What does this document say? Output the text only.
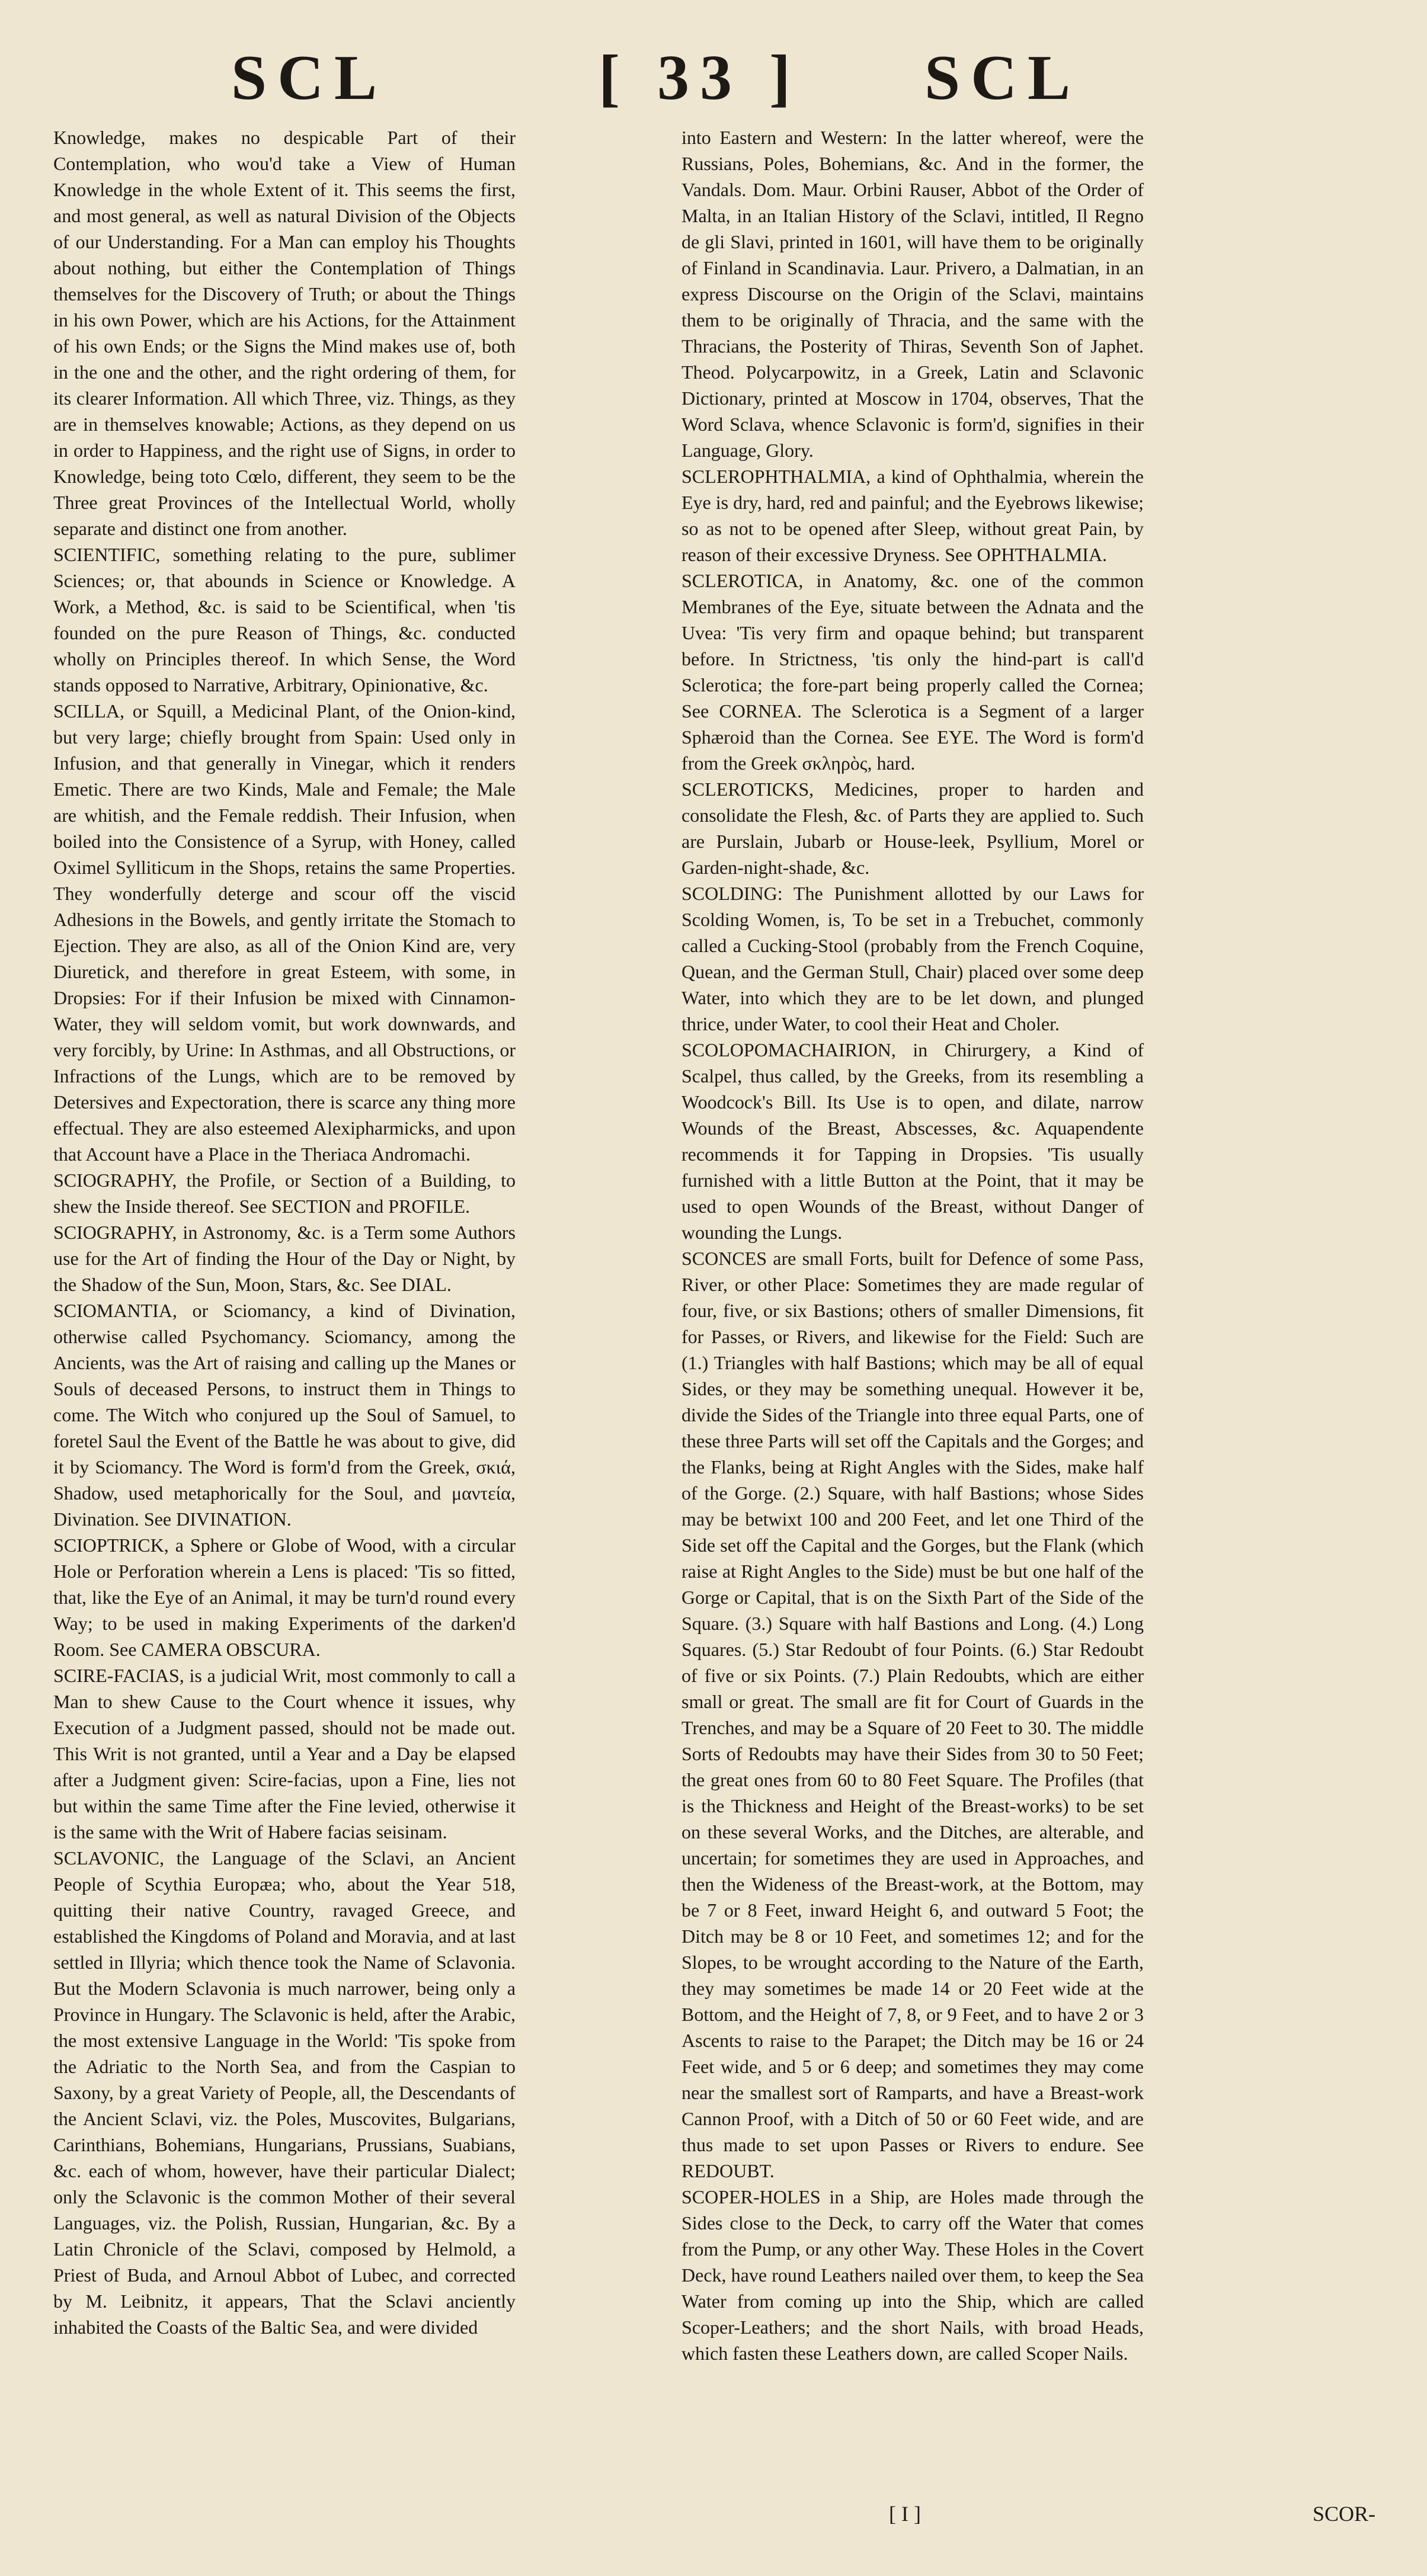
SCL	[ 33 ] SCL

Knowledge, makes no despicable Part of their Contemplation, who wou'd take a View of Human Knowledge in the whole Extent of it. This seems the first, and most general, as well as natural Division of the Objects of our Understanding. For a Man can employ his Thoughts about nothing, but either the Contemplation of Things themselves for the Discovery of Truth; or about the Things in his own Power, which are his Actions, for the Attainment of his own Ends; or the Signs the Mind makes use of, both in the one and the other, and the right ordering of them, for its clearer Information. All which Three, viz. Things, as they are in themselves knowable; Actions, as they depend on us in order to Happiness, and the right use of Signs, in order to Knowledge, being toto Cœlo, different, they seem to be the Three great Provinces of the Intellectual World, wholly separate and distinct one from another.

SCIENTIFIC, something relating to the pure, sublimer Sciences; or, that abounds in Science or Knowledge. A Work, a Method, &c. is said to be Scientifical, when 'tis founded on the pure Reason of Things, &c. conducted wholly on Principles thereof. In which Sense, the Word stands opposed to Narrative, Arbitrary, Opinionative, &c.

SCILLA, or Squill, a Medicinal Plant, of the Onion-kind, but very large; chiefly brought from Spain: Used only in Infusion, and that generally in Vinegar, which it renders Emetic. There are two Kinds, Male and Female; the Male are whitish, and the Female reddish. Their Infusion, when boiled into the Consistence of a Syrup, with Honey, called Oximel Sylliticum in the Shops, retains the same Properties. They wonderfully deterge and scour off the viscid Adhesions in the Bowels, and gently irritate the Stomach to Ejection. They are also, as all of the Onion Kind are, very Diuretick, and therefore in great Esteem, with some, in Dropsies: For if their Infusion be mixed with Cinnamon-Water, they will seldom vomit, but work downwards, and very forcibly, by Urine: In Asthmas, and all Obstructions, or Infractions of the Lungs, which are to be removed by Detersives and Expectoration, there is scarce any thing more effectual. They are also esteemed Alexipharmicks, and upon that Account have a Place in the Theriaca Andromachi.

SCIOGRAPHY, the Profile, or Section of a Building, to shew the Inside thereof. See SECTION and PROFILE.

SCIOGRAPHY, in Astronomy, &c. is a Term some Authors use for the Art of finding the Hour of the Day or Night, by the Shadow of the Sun, Moon, Stars, &c. See DIAL.

SCIOMANTIA, or Sciomancy, a kind of Divination, otherwise called Psychomancy. Sciomancy, among the Ancients, was the Art of raising and calling up the Manes or Souls of deceased Persons, to instruct them in Things to come. The Witch who conjured up the Soul of Samuel, to foretel Saul the Event of the Battle he was about to give, did it by Sciomancy. The Word is form'd from the Greek, σκιά, Shadow, used metaphorically for the Soul, and μαντεία, Divination. See DIVINATION.

SCIOPTRICK, a Sphere or Globe of Wood, with a circular Hole or Perforation wherein a Lens is placed: 'Tis so fitted, that, like the Eye of an Animal, it may be turn'd round every Way; to be used in making Experiments of the darken'd Room. See CAMERA OBSCURA.

SCIRE-FACIAS, is a judicial Writ, most commonly to call a Man to shew Cause to the Court whence it issues, why Execution of a Judgment passed, should not be made out. This Writ is not granted, until a Year and a Day be elapsed after a Judgment given: Scire-facias, upon a Fine, lies not but within the same Time after the Fine levied, otherwise it is the same with the Writ of Habere facias seisinam.

SCLAVONIC, the Language of the Sclavi, an Ancient People of Scythia Europæa; who, about the Year 518, quitting their native Country, ravaged Greece, and established the Kingdoms of Poland and Moravia, and at last settled in Illyria; which thence took the Name of Sclavonia. But the Modern Sclavonia is much narrower, being only a Province in Hungary. The Sclavonic is held, after the Arabic, the most extensive Language in the World: 'Tis spoke from the Adriatic to the North Sea, and from the Caspian to Saxony, by a great Variety of People, all, the Descendants of the Ancient Sclavi, viz. the Poles, Muscovites, Bulgarians, Carinthians, Bohemians, Hungarians, Prussians, Suabians, &c. each of whom, however, have their particular Dialect; only the Sclavonic is the common Mother of their several Languages, viz. the Polish, Russian, Hungarian, &c. By a Latin Chronicle of the Sclavi, composed by Helmold, a Priest of Buda, and Arnoul Abbot of Lubec, and corrected by M. Leibnitz, it appears, That the Sclavi anciently inhabited the Coasts of the Baltic Sea, and were divided

into Eastern and Western: In the latter whereof, were the Russians, Poles, Bohemians, &c. And in the former, the Vandals. Dom. Maur. Orbini Rauser, Abbot of the Order of Malta, in an Italian History of the Sclavi, intitled, Il Regno de gli Slavi, printed in 1601, will have them to be originally of Finland in Scandinavia. Laur. Privero, a Dalmatian, in an express Discourse on the Origin of the Sclavi, maintains them to be originally of Thracia, and the same with the Thracians, the Posterity of Thiras, Seventh Son of Japhet. Theod. Polycarpowitz, in a Greek, Latin and Sclavonic Dictionary, printed at Moscow in 1704, observes, That the Word Sclava, whence Sclavonic is form'd, signifies in their Language, Glory.

SCLEROPHTHALMIA, a kind of Ophthalmia, wherein the Eye is dry, hard, red and painful; and the Eyebrows likewise; so as not to be opened after Sleep, without great Pain, by reason of their excessive Dryness. See OPHTHALMIA.

SCLEROTICA, in Anatomy, &c. one of the common Membranes of the Eye, situate between the Adnata and the Uvea: 'Tis very firm and opaque behind; but transparent before. In Strictness, 'tis only the hind-part is call'd Sclerotica; the fore-part being properly called the Cornea; See CORNEA. The Sclerotica is a Segment of a larger Sphæroid than the Cornea. See EYE. The Word is form'd from the Greek σκληρὸς, hard.

SCLEROTICKS, Medicines, proper to harden and consolidate the Flesh, &c. of Parts they are applied to. Such are Purslain, Jubarb or House-leek, Psyllium, Morel or Garden-night-shade, &c.

SCOLDING: The Punishment allotted by our Laws for Scolding Women, is, To be set in a Trebuchet, commonly called a Cucking-Stool (probably from the French Coquine, Quean, and the German Stull, Chair) placed over some deep Water, into which they are to be let down, and plunged thrice, under Water, to cool their Heat and Choler.

SCOLOPOMACHAIRION, in Chirurgery, a Kind of Scalpel, thus called, by the Greeks, from its resembling a Woodcock's Bill. Its Use is to open, and dilate, narrow Wounds of the Breast, Abscesses, &c. Aquapendente recommends it for Tapping in Dropsies. 'Tis usually furnished with a little Button at the Point, that it may be used to open Wounds of the Breast, without Danger of wounding the Lungs.

SCONCES are small Forts, built for Defence of some Pass, River, or other Place: Sometimes they are made regular of four, five, or six Bastions; others of smaller Dimensions, fit for Passes, or Rivers, and likewise for the Field: Such are (1.) Triangles with half Bastions; which may be all of equal Sides, or they may be something unequal. However it be, divide the Sides of the Triangle into three equal Parts, one of these three Parts will set off the Capitals and the Gorges; and the Flanks, being at Right Angles with the Sides, make half of the Gorge. (2.) Square, with half Bastions; whose Sides may be betwixt 100 and 200 Feet, and let one Third of the Side set off the Capital and the Gorges, but the Flank (which raise at Right Angles to the Side) must be but one half of the Gorge or Capital, that is on the Sixth Part of the Side of the Square. (3.) Square with half Bastions and Long. (4.) Long Squares. (5.) Star Redoubt of four Points. (6.) Star Redoubt of five or six Points. (7.) Plain Redoubts, which are either small or great. The small are fit for Court of Guards in the Trenches, and may be a Square of 20 Feet to 30. The middle Sorts of Redoubts may have their Sides from 30 to 50 Feet; the great ones from 60 to 80 Feet Square. The Profiles (that is the Thickness and Height of the Breast-works) to be set on these several Works, and the Ditches, are alterable, and uncertain; for sometimes they are used in Approaches, and then the Wideness of the Breast-work, at the Bottom, may be 7 or 8 Feet, inward Height 6, and outward 5 Foot; the Ditch may be 8 or 10 Feet, and sometimes 12; and for the Slopes, to be wrought according to the Nature of the Earth, they may sometimes be made 14 or 20 Feet wide at the Bottom, and the Height of 7, 8, or 9 Feet, and to have 2 or 3 Ascents to raise to the Parapet; the Ditch may be 16 or 24 Feet wide, and 5 or 6 deep; and sometimes they may come near the smallest sort of Ramparts, and have a Breast-work Cannon Proof, with a Ditch of 50 or 60 Feet wide, and are thus made to set upon Passes or Rivers to endure. See REDOUBT.

SCOPER-HOLES in a Ship, are Holes made through the Sides close to the Deck, to carry off the Water that comes from the Pump, or any other Way. These Holes in the Covert Deck, have round Leathers nailed over them, to keep the Sea Water from coming up into the Ship, which are called Scoper-Leathers; and the short Nails, with broad Heads, which fasten these Leathers down, are called Scoper Nails.

[ I ]	SCOR-
